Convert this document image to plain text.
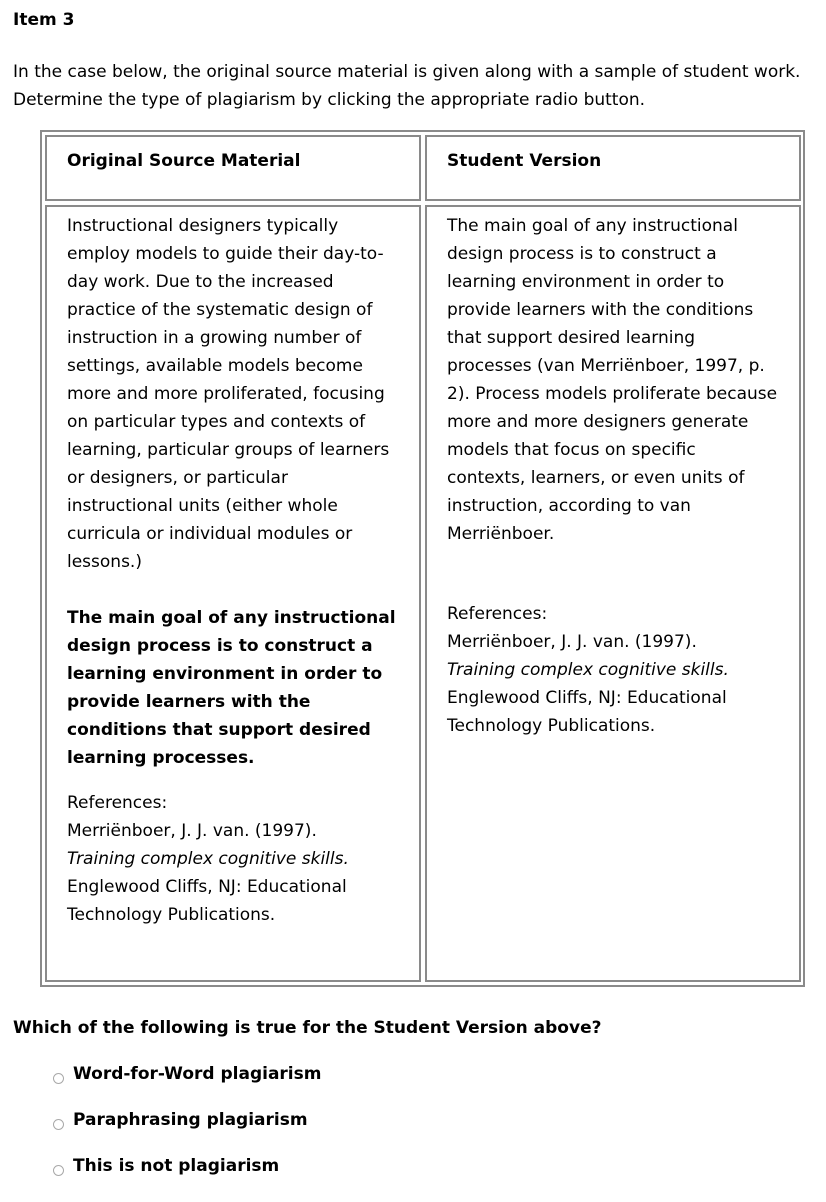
Item 3

In the case below, the original source material is given along with a sample of student work. Determine the type of plagiarism by clicking the appropriate radio button.

Original Source Material	Student Version

Instructional designers typically employ models to guide their day-to-day work. Due to the increased practice of the systematic design of instruction in a growing number of settings, available models become more and more proliferated, focusing on particular types and contexts of learning, particular groups of learners or designers, or particular instructional units (either whole curricula or individual modules or lessons.)

The main goal of any instructional design process is to construct a learning environment in order to provide learners with the conditions that support desired learning processes.

References:

Merriënboer, J. J. van. (1997).

Training complex cognitive skills.

Englewood Cliffs, NJ: Educational Technology Publications.

The main goal of any instructional design process is to construct a learning environment in order to provide learners with the conditions that support desired learning processes (van Merriënboer, 1997, p. 2). Process models proliferate because more and more designers generate models that focus on specific contexts, learners, or even units of instruction, according to van Merriënboer.

References:

Merriënboer, J. J. van. (1997).

Training complex cognitive skills.

Englewood Cliffs, NJ: Educational Technology Publications.

Which of the following is true for the Student Version above?

Word-for-Word plagiarism
Paraphrasing plagiarism
This is not plagiarism
